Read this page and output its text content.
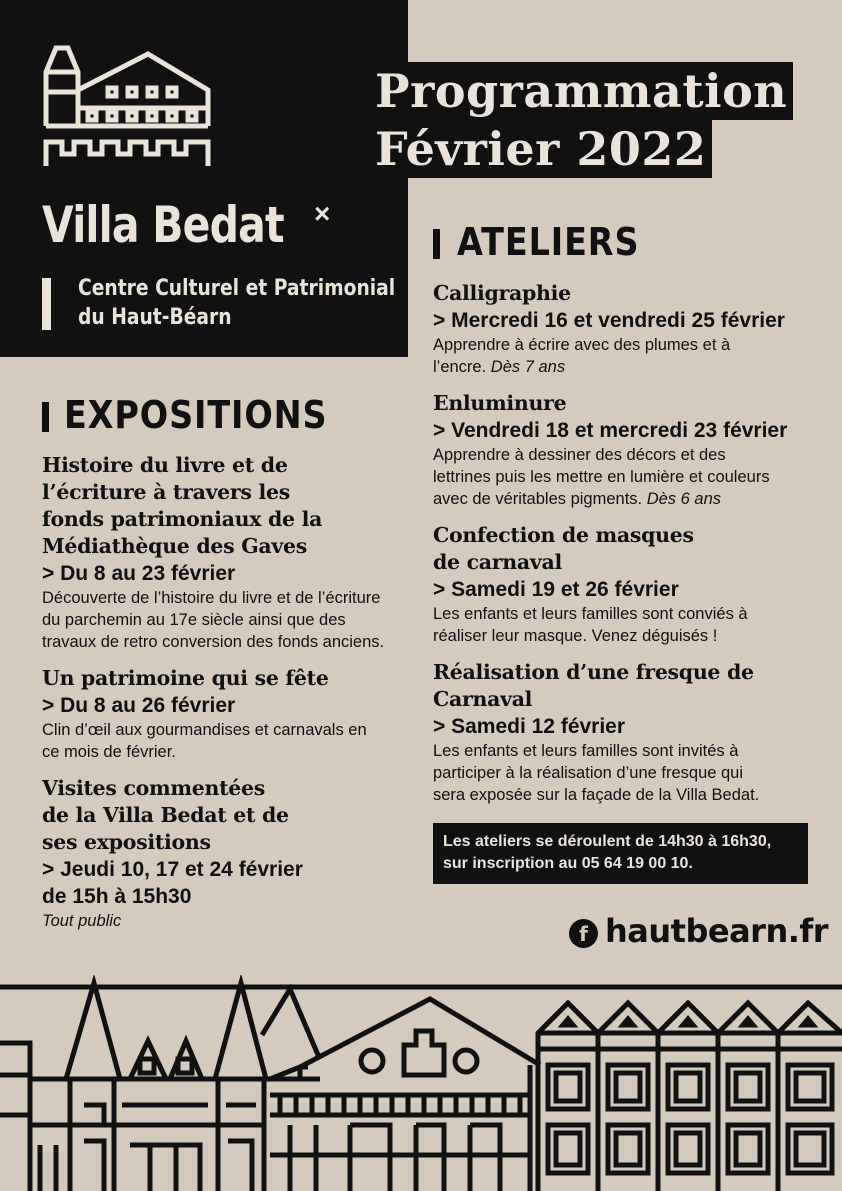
Villa Bedat ×
Centre Culturel et Patrimonial
du Haut-Béarn
Programmation
Février 2022
EXPOSITIONS
Histoire du livre et de
l’écriture à travers les
fonds patrimoniaux de la
Médiathèque des Gaves
> Du 8 au 23 février
Découverte de l’histoire du livre et de l’écriture
du parchemin au 17e siècle ainsi que des
travaux de retro conversion des fonds anciens.
Un patrimoine qui se fête
> Du 8 au 26 février
Clin d’œil aux gourmandises et carnavals en
ce mois de février.
Visites commentées
de la Villa Bedat et de
ses expositions
> Jeudi 10, 17 et 24 février
de 15h à 15h30
Tout public
ATELIERS
Calligraphie
> Mercredi 16 et vendredi 25 février
Apprendre à écrire avec des plumes et à
l’encre. Dès 7 ans
Enluminure
> Vendredi 18 et mercredi 23 février
Apprendre à dessiner des décors et des
lettrines puis les mettre en lumière et couleurs
avec de véritables pigments. Dès 6 ans
Confection de masques
de carnaval
> Samedi 19 et 26 février
Les enfants et leurs familles sont conviés à
réaliser leur masque. Venez déguisés !
Réalisation d’une fresque de
Carnaval
> Samedi 12 février
Les enfants et leurs familles sont invités à
participer à la réalisation d’une fresque qui
sera exposée sur la façade de la Villa Bedat.
Les ateliers se déroulent de 14h30 à 16h30,
sur inscription au 05 64 19 00 10.
f hautbearn.fr
